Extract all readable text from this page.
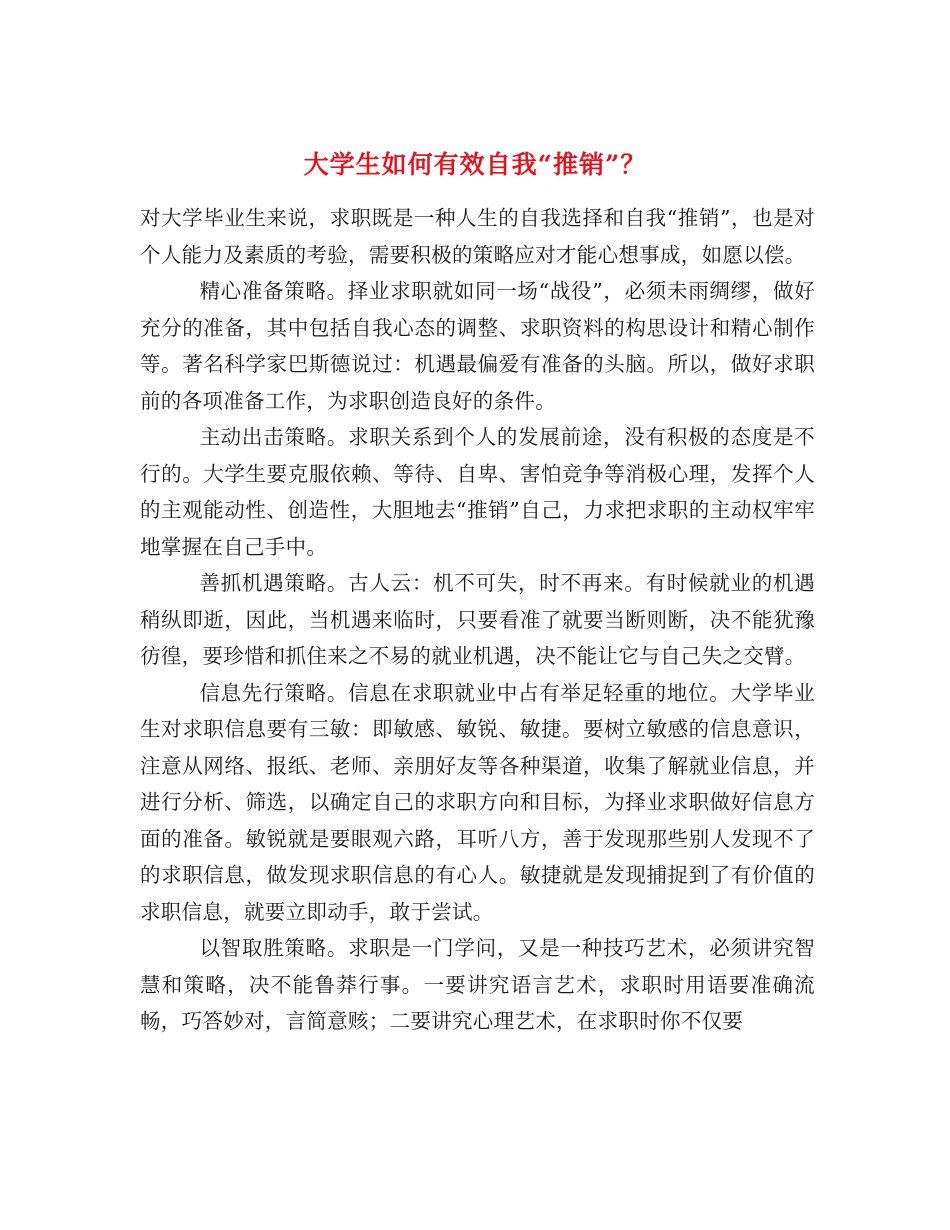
大学生如何有效自我“推销”？

对大学毕业生来说，求职既是一种人生的自我选择和自我“推销”，也是对个人能力及素质的考验，需要积极的策略应对才能心想事成，如愿以偿。

精心准备策略。择业求职就如同一场“战役”，必须未雨绸缪，做好充分的准备，其中包括自我心态的调整、求职资料的构思设计和精心制作等。著名科学家巴斯德说过：机遇最偏爱有准备的头脑。所以，做好求职前的各项准备工作，为求职创造良好的条件。

主动出击策略。求职关系到个人的发展前途，没有积极的态度是不行的。大学生要克服依赖、等待、自卑、害怕竞争等消极心理，发挥个人的主观能动性、创造性，大胆地去“推销”自己，力求把求职的主动权牢牢地掌握在自己手中。

善抓机遇策略。古人云：机不可失，时不再来。有时候就业的机遇稍纵即逝，因此，当机遇来临时，只要看准了就要当断则断，决不能犹豫彷徨，要珍惜和抓住来之不易的就业机遇，决不能让它与自己失之交臂。

信息先行策略。信息在求职就业中占有举足轻重的地位。大学毕业生对求职信息要有三敏：即敏感、敏锐、敏捷。要树立敏感的信息意识，注意从网络、报纸、老师、亲朋好友等各种渠道，收集了解就业信息，并进行分析、筛选，以确定自己的求职方向和目标，为择业求职做好信息方面的准备。敏锐就是要眼观六路，耳听八方，善于发现那些别人发现不了的求职信息，做发现求职信息的有心人。敏捷就是发现捕捉到了有价值的求职信息，就要立即动手，敢于尝试。

以智取胜策略。求职是一门学问，又是一种技巧艺术，必须讲究智慧和策略，决不能鲁莽行事。一要讲究语言艺术，求职时用语要准确流畅，巧答妙对，言简意赅；二要讲究心理艺术，在求职时你不仅要
